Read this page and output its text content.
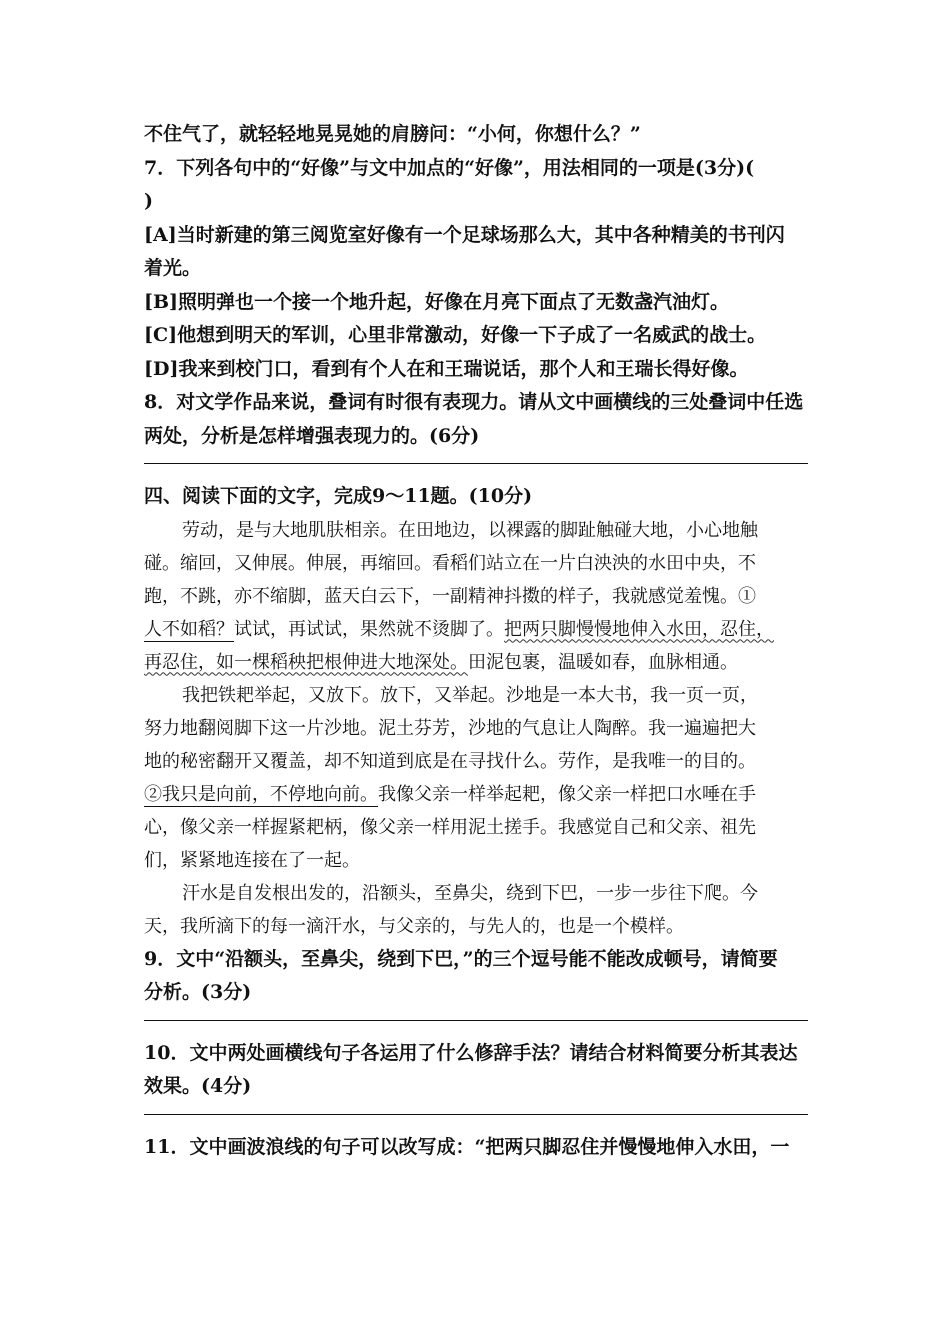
不住气了，就轻轻地晃晃她的肩膀问：“小何，你想什么？”
7．下列各句中的“好像”与文中加点的“好像”，用法相同的一项是(3分)(
)
[A]当时新建的第三阅览室好像有一个足球场那么大，其中各种精美的书刊闪
着光。
[B]照明弹也一个接一个地升起，好像在月亮下面点了无数盏汽油灯。
[C]他想到明天的军训，心里非常激动，好像一下子成了一名威武的战士。
[D]我来到校门口，看到有个人在和王瑞说话，那个人和王瑞长得好像。
8．对文学作品来说，叠词有时很有表现力。请从文中画横线的三处叠词中任选
两处，分析是怎样增强表现力的。(6分)
四、阅读下面的文字，完成9～11题。(10分)
劳动，是与大地肌肤相亲。在田地边，以裸露的脚趾触碰大地，小心地触
碰。缩回，又伸展。伸展，再缩回。看稻们站立在一片白泱泱的水田中央，不
跑，不跳，亦不缩脚，蓝天白云下，一副精神抖擞的样子，我就感觉羞愧。①
人不如稻？试试，再试试，果然就不烫脚了。把两只脚慢慢地伸入水田，忍住，
再忍住，如一棵稻秧把根伸进大地深处。田泥包裹，温暖如春，血脉相通。
我把铁耙举起，又放下。放下，又举起。沙地是一本大书，我一页一页，
努力地翻阅脚下这一片沙地。泥土芬芳，沙地的气息让人陶醉。我一遍遍把大
地的秘密翻开又覆盖，却不知道到底是在寻找什么。劳作，是我唯一的目的。
②我只是向前，不停地向前。我像父亲一样举起耙，像父亲一样把口水唾在手
心，像父亲一样握紧耙柄，像父亲一样用泥土搓手。我感觉自己和父亲、祖先
们，紧紧地连接在了一起。
汗水是自发根出发的，沿额头，至鼻尖，绕到下巴，一步一步往下爬。今
天，我所滴下的每一滴汗水，与父亲的，与先人的，也是一个模样。
9．文中“沿额头，至鼻尖，绕到下巴，”的三个逗号能不能改成顿号，请简要
分析。(3分)
10．文中两处画横线句子各运用了什么修辞手法？请结合材料简要分析其表达
效果。(4分)
11．文中画波浪线的句子可以改写成：“把两只脚忍住并慢慢地伸入水田，一
